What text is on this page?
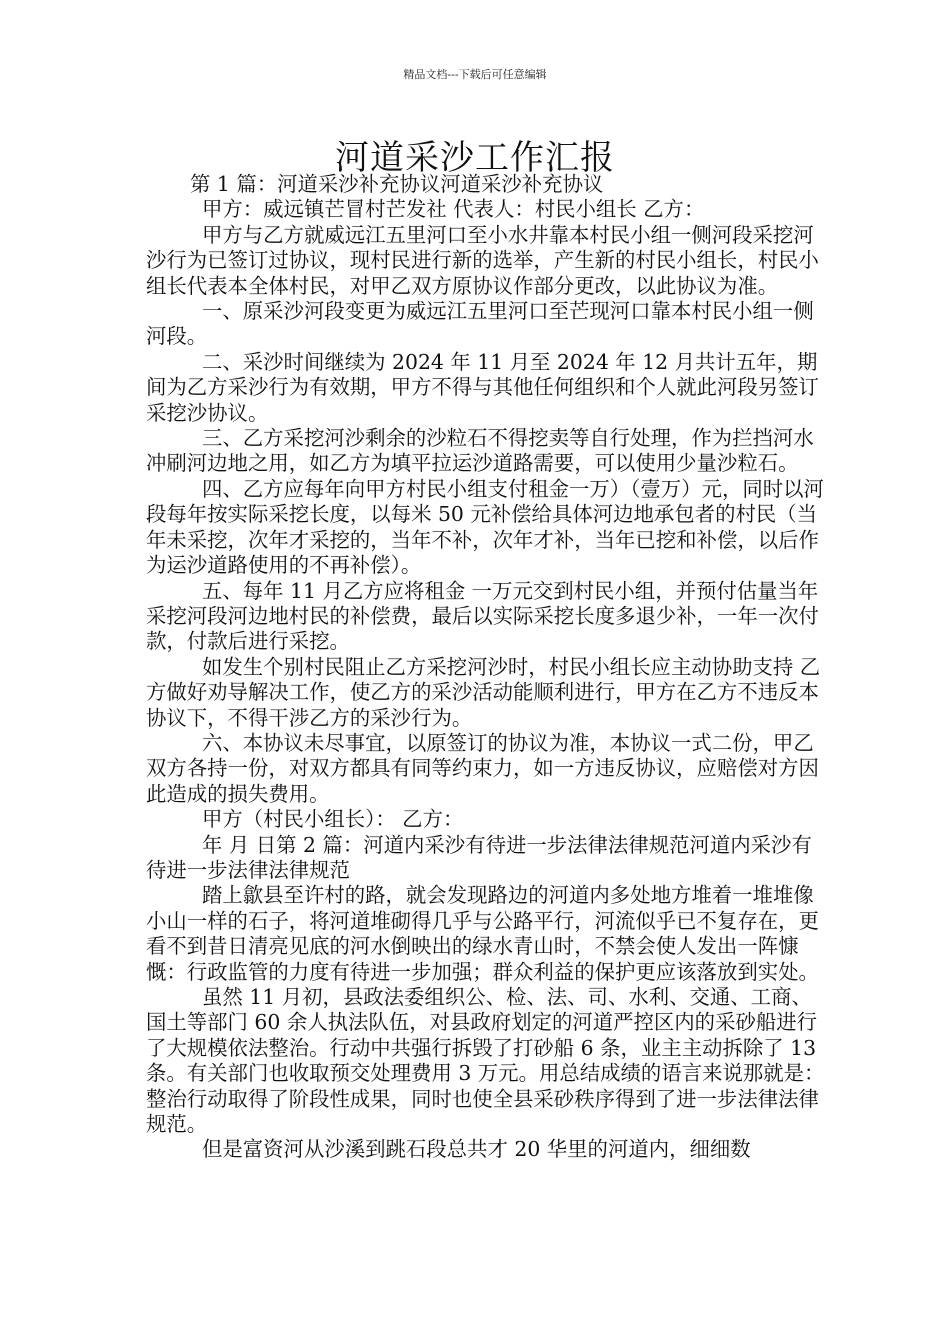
精品文档---下载后可任意编辑
河道采沙工作汇报

第 1 篇：河道采沙补充协议河道采沙补充协议

甲方：威远镇芒冒村芒发社 代表人：村民小组长 乙方：

甲方与乙方就威远江五里河口至小水井靠本村民小组一侧河段采挖河沙行为已签订过协议，现村民进行新的选举，产生新的村民小组长，村民小组长代表本全体村民，对甲乙双方原协议作部分更改，以此协议为准。

一、原采沙河段变更为威远江五里河口至芒现河口靠本村民小组一侧河段。

二、采沙时间继续为 2024 年 11 月至 2024 年 12 月共计五年，期间为乙方采沙行为有效期，甲方不得与其他任何组织和个人就此河段另签订采挖沙协议。

三、乙方采挖河沙剩余的沙粒石不得挖卖等自行处理，作为拦挡河水冲刷河边地之用，如乙方为填平拉运沙道路需要，可以使用少量沙粒石。

四、乙方应每年向甲方村民小组支付租金一万）（壹万）元，同时以河段每年按实际采挖长度，以每米 50 元补偿给具体河边地承包者的村民（当年未采挖，次年才采挖的，当年不补，次年才补，当年已挖和补偿，以后作为运沙道路使用的不再补偿）。

五、每年 11 月乙方应将租金 一万元交到村民小组，并预付估量当年采挖河段河边地村民的补偿费，最后以实际采挖长度多退少补，一年一次付款，付款后进行采挖。

如发生个别村民阻止乙方采挖河沙时，村民小组长应主动协助支持 乙方做好劝导解决工作，使乙方的采沙活动能顺利进行，甲方在乙方不违反本协议下，不得干涉乙方的采沙行为。

六、本协议未尽事宜，以原签订的协议为准，本协议一式二份，甲乙双方各持一份，对双方都具有同等约束力，如一方违反协议，应赔偿对方因此造成的损失费用。

甲方（村民小组长）： 乙方：

年 月 日第 2 篇：河道内采沙有待进一步法律法律规范河道内采沙有待进一步法律法律规范

踏上歙县至许村的路，就会发现路边的河道内多处地方堆着一堆堆像小山一样的石子，将河道堆砌得几乎与公路平行，河流似乎已不复存在，更看不到昔日清亮见底的河水倒映出的绿水青山时，不禁会使人发出一阵慷慨：行政监管的力度有待进一步加强；群众利益的保护更应该落放到实处。

虽然 11 月初，县政法委组织公、检、法、司、水利、交通、工商、国土等部门 60 余人执法队伍，对县政府划定的河道严控区内的采砂船进行了大规模依法整治。行动中共强行拆毁了打砂船 6 条，业主主动拆除了 13 条。有关部门也收取预交处理费用 3 万元。用总结成绩的语言来说那就是：整治行动取得了阶段性成果，同时也使全县采砂秩序得到了进一步法律法律规范。

但是富资河从沙溪到跳石段总共才 20 华里的河道内，细细数
